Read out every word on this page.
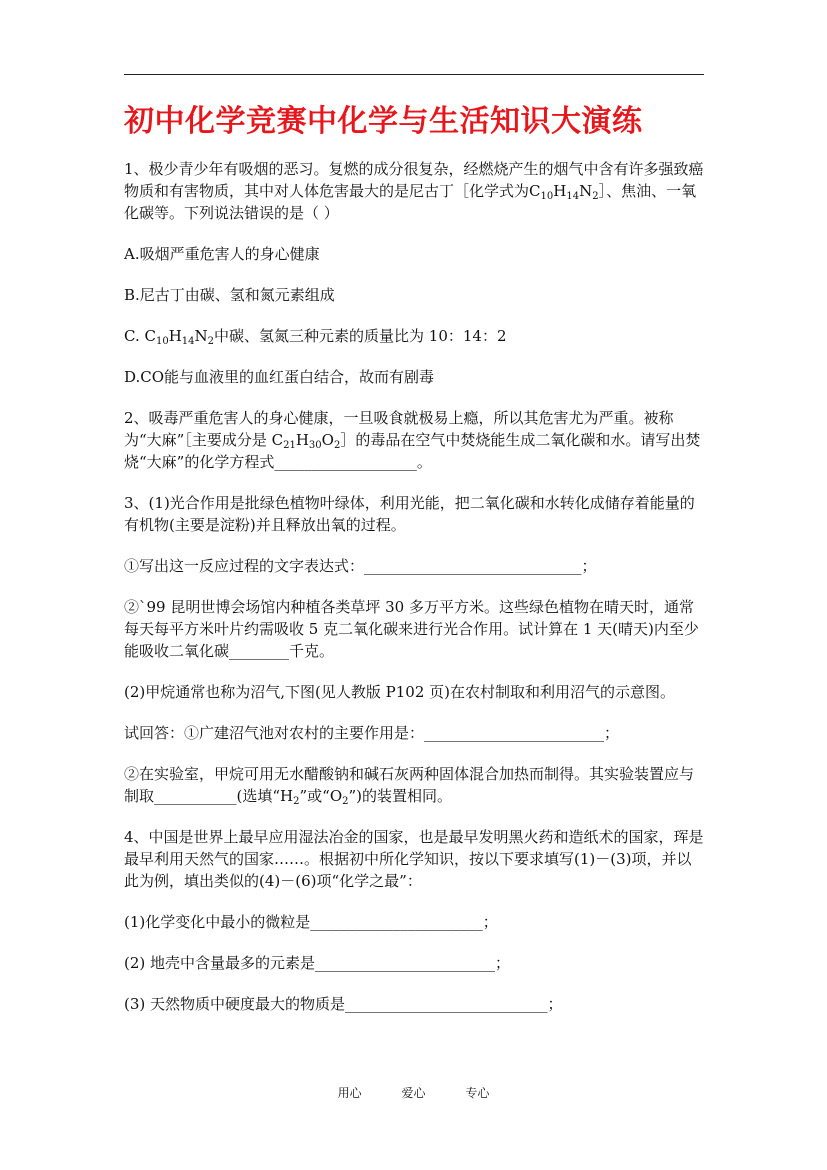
初中化学竞赛中化学与生活知识大演练
1、极少青少年有吸烟的恶习。复燃的成分很复杂，经燃烧产生的烟气中含有许多强致癌物质和有害物质，其中对人体危害最大的是尼古丁［化学式为$C_{10}H_{14}N_2]$、焦油、一氧化碳等。下列说法错误的是（ ）
A.吸烟严重危害人的身心健康
B.尼古丁由碳、氢和氮元素组成
C. $C_{10}H_{14}N_2$中碳、氢氮三种元素的质量比为 10：14：2
D.CO能与血液里的血红蛋白结合，故而有剧毒
2、吸毒严重危害人的身心健康，一旦吸食就极易上瘾，所以其危害尤为严重。被称为“大麻”［主要成分是 $C_{21}H_{30}O_2]$的毒品在空气中焚烧能生成二氧化碳和水。请写出焚烧“大麻”的化学方程式___________________。
3、(1)光合作用是批绿色植物叶绿体，利用光能，把二氧化碳和水转化成储存着能量的有机物(主要是淀粉)并且释放出氧的过程。
①写出这一反应过程的文字表达式：_____________________________；
②`99 昆明世博会场馆内种植各类草坪 30 多万平方米。这些绿色植物在晴天时，通常每天每平方米叶片约需吸收 5 克二氧化碳来进行光合作用。试计算在 1 天(晴天)内至少能吸收二氧化碳________千克。
(2)甲烷通常也称为沼气,下图(见人教版 P102 页)在农村制取和利用沼气的示意图。
试回答：①广建沼气池对农村的主要作用是：________________________；
②在实验室，甲烷可用无水醋酸钠和碱石灰两种固体混合加热而制得。其实验装置应与制取___________(选填“$H_2$”或“$O_2$”)的装置相同。
4、中国是世界上最早应用湿法冶金的国家，也是最早发明黑火药和造纸术的国家，珲是最早利用天然气的国家……。根据初中所化学知识，按以下要求填写(1)－(3)项，并以此为例，填出类似的(4)－(6)项“化学之最”：
(1)化学变化中最小的微粒是_______________________；
(2) 地壳中含量最多的元素是________________________；
(3) 天然物质中硬度最大的物质是___________________________；
用心	爱心	专心
